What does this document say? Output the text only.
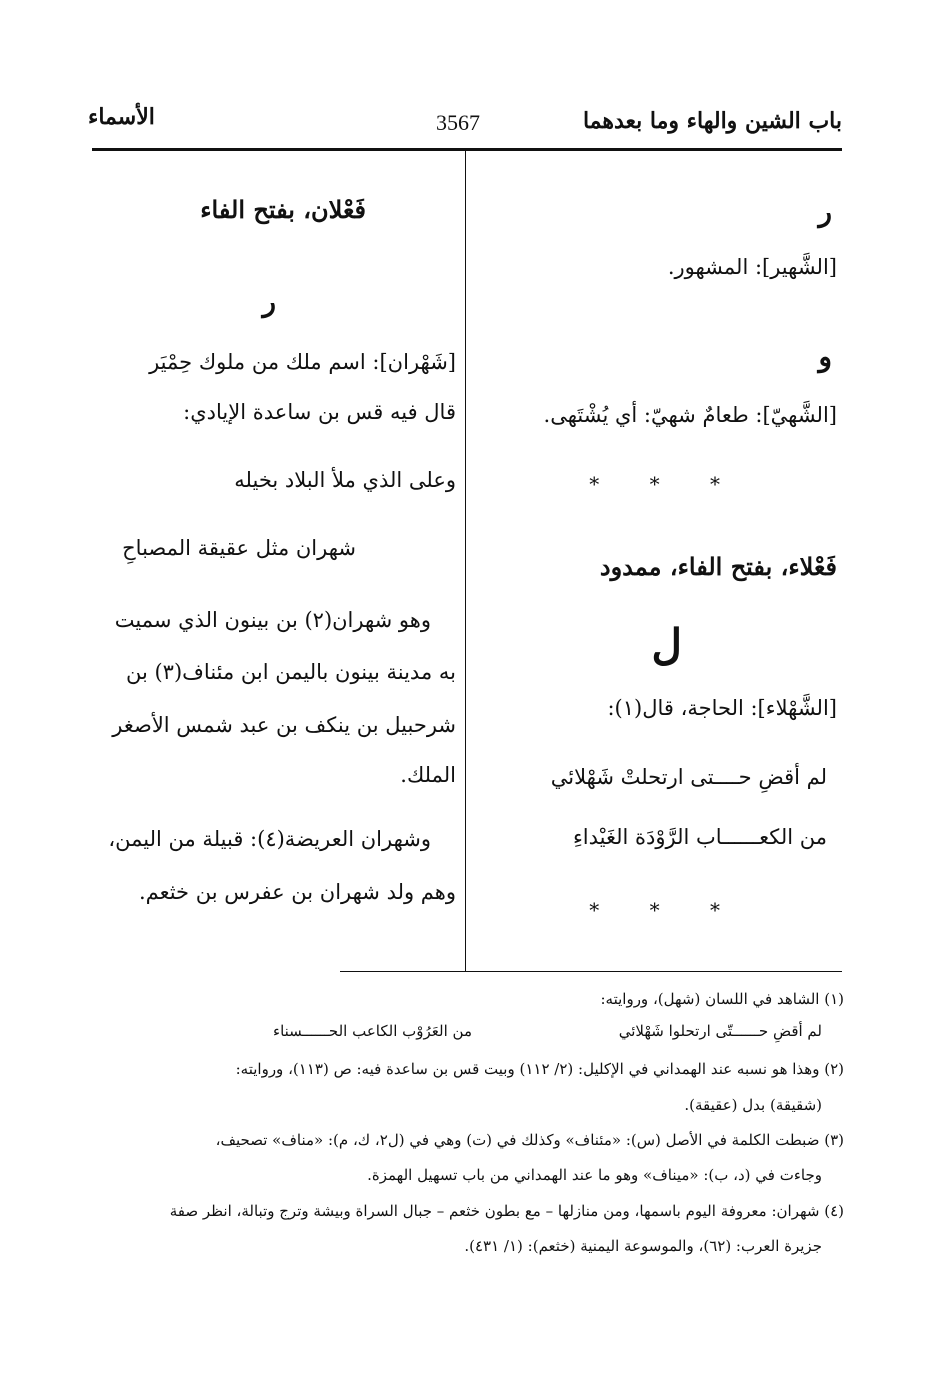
باب الشين والهاء وما بعدهما
3567
الأسماء
ر
[الشَّهير]: المشهور.
و
[الشَّهيّ]: طعامٌ شهيّ: أي يُشْتَهى.
* * *
فَعْلاء، بفتح الفاء، ممدود
ل
[الشَّهْلاء]: الحاجة، قال(١):
لم أقضِ حــــتى ارتحلتْ شَهْلائي
من الكعــــــاب الرَّوْدَة الغَيْداءِ
* * *
فَعْلان، بفتح الفاء
ر
[شَهْران]: اسم ملك من ملوك حِمْيَر
قال فيه قس بن ساعدة الإيادي:
وعلى الذي ملأ البلاد بخيله
شهران مثل عقيقة المصباحِ
وهو شهران(٢) بن بينون الذي سميت
به مدينة بينون باليمن ابن مئناف(٣) بن
شرحبيل بن ينكف بن عبد شمس الأصغر
الملك.
وشهران العريضة(٤): قبيلة من اليمن،
وهم ولد شهران بن عفرس بن خثعم.
(١) الشاهد في اللسان (شهل)، وروايته:
لم أقضِ حــــــتّى ارتحلوا شَهْلائي
من العَرُوْب الكاعب الحــــــسناء
(٢) وهذا هو نسبه عند الهمداني في الإكليل: (٢/ ١١٢) وبيت قس بن ساعدة فيه: ص (١١٣)، وروايته:
(شقيقة) بدل (عقيقة).
(٣) ضبطت الكلمة في الأصل (س): «مئناف» وكذلك في (ت) وهي في (ل٢، ك، م): «مناف» تصحيف،
وجاءت في (د، ب): «ميناف» وهو ما عند الهمداني من باب تسهيل الهمزة.
(٤) شهران: معروفة اليوم باسمها، ومن منازلها – مع بطون خثعم – جبال السراة وبيشة وترج وتبالة، انظر صفة
جزيرة العرب: (٦٢)، والموسوعة اليمنية (خثعم): (١/ ٤٣١).
